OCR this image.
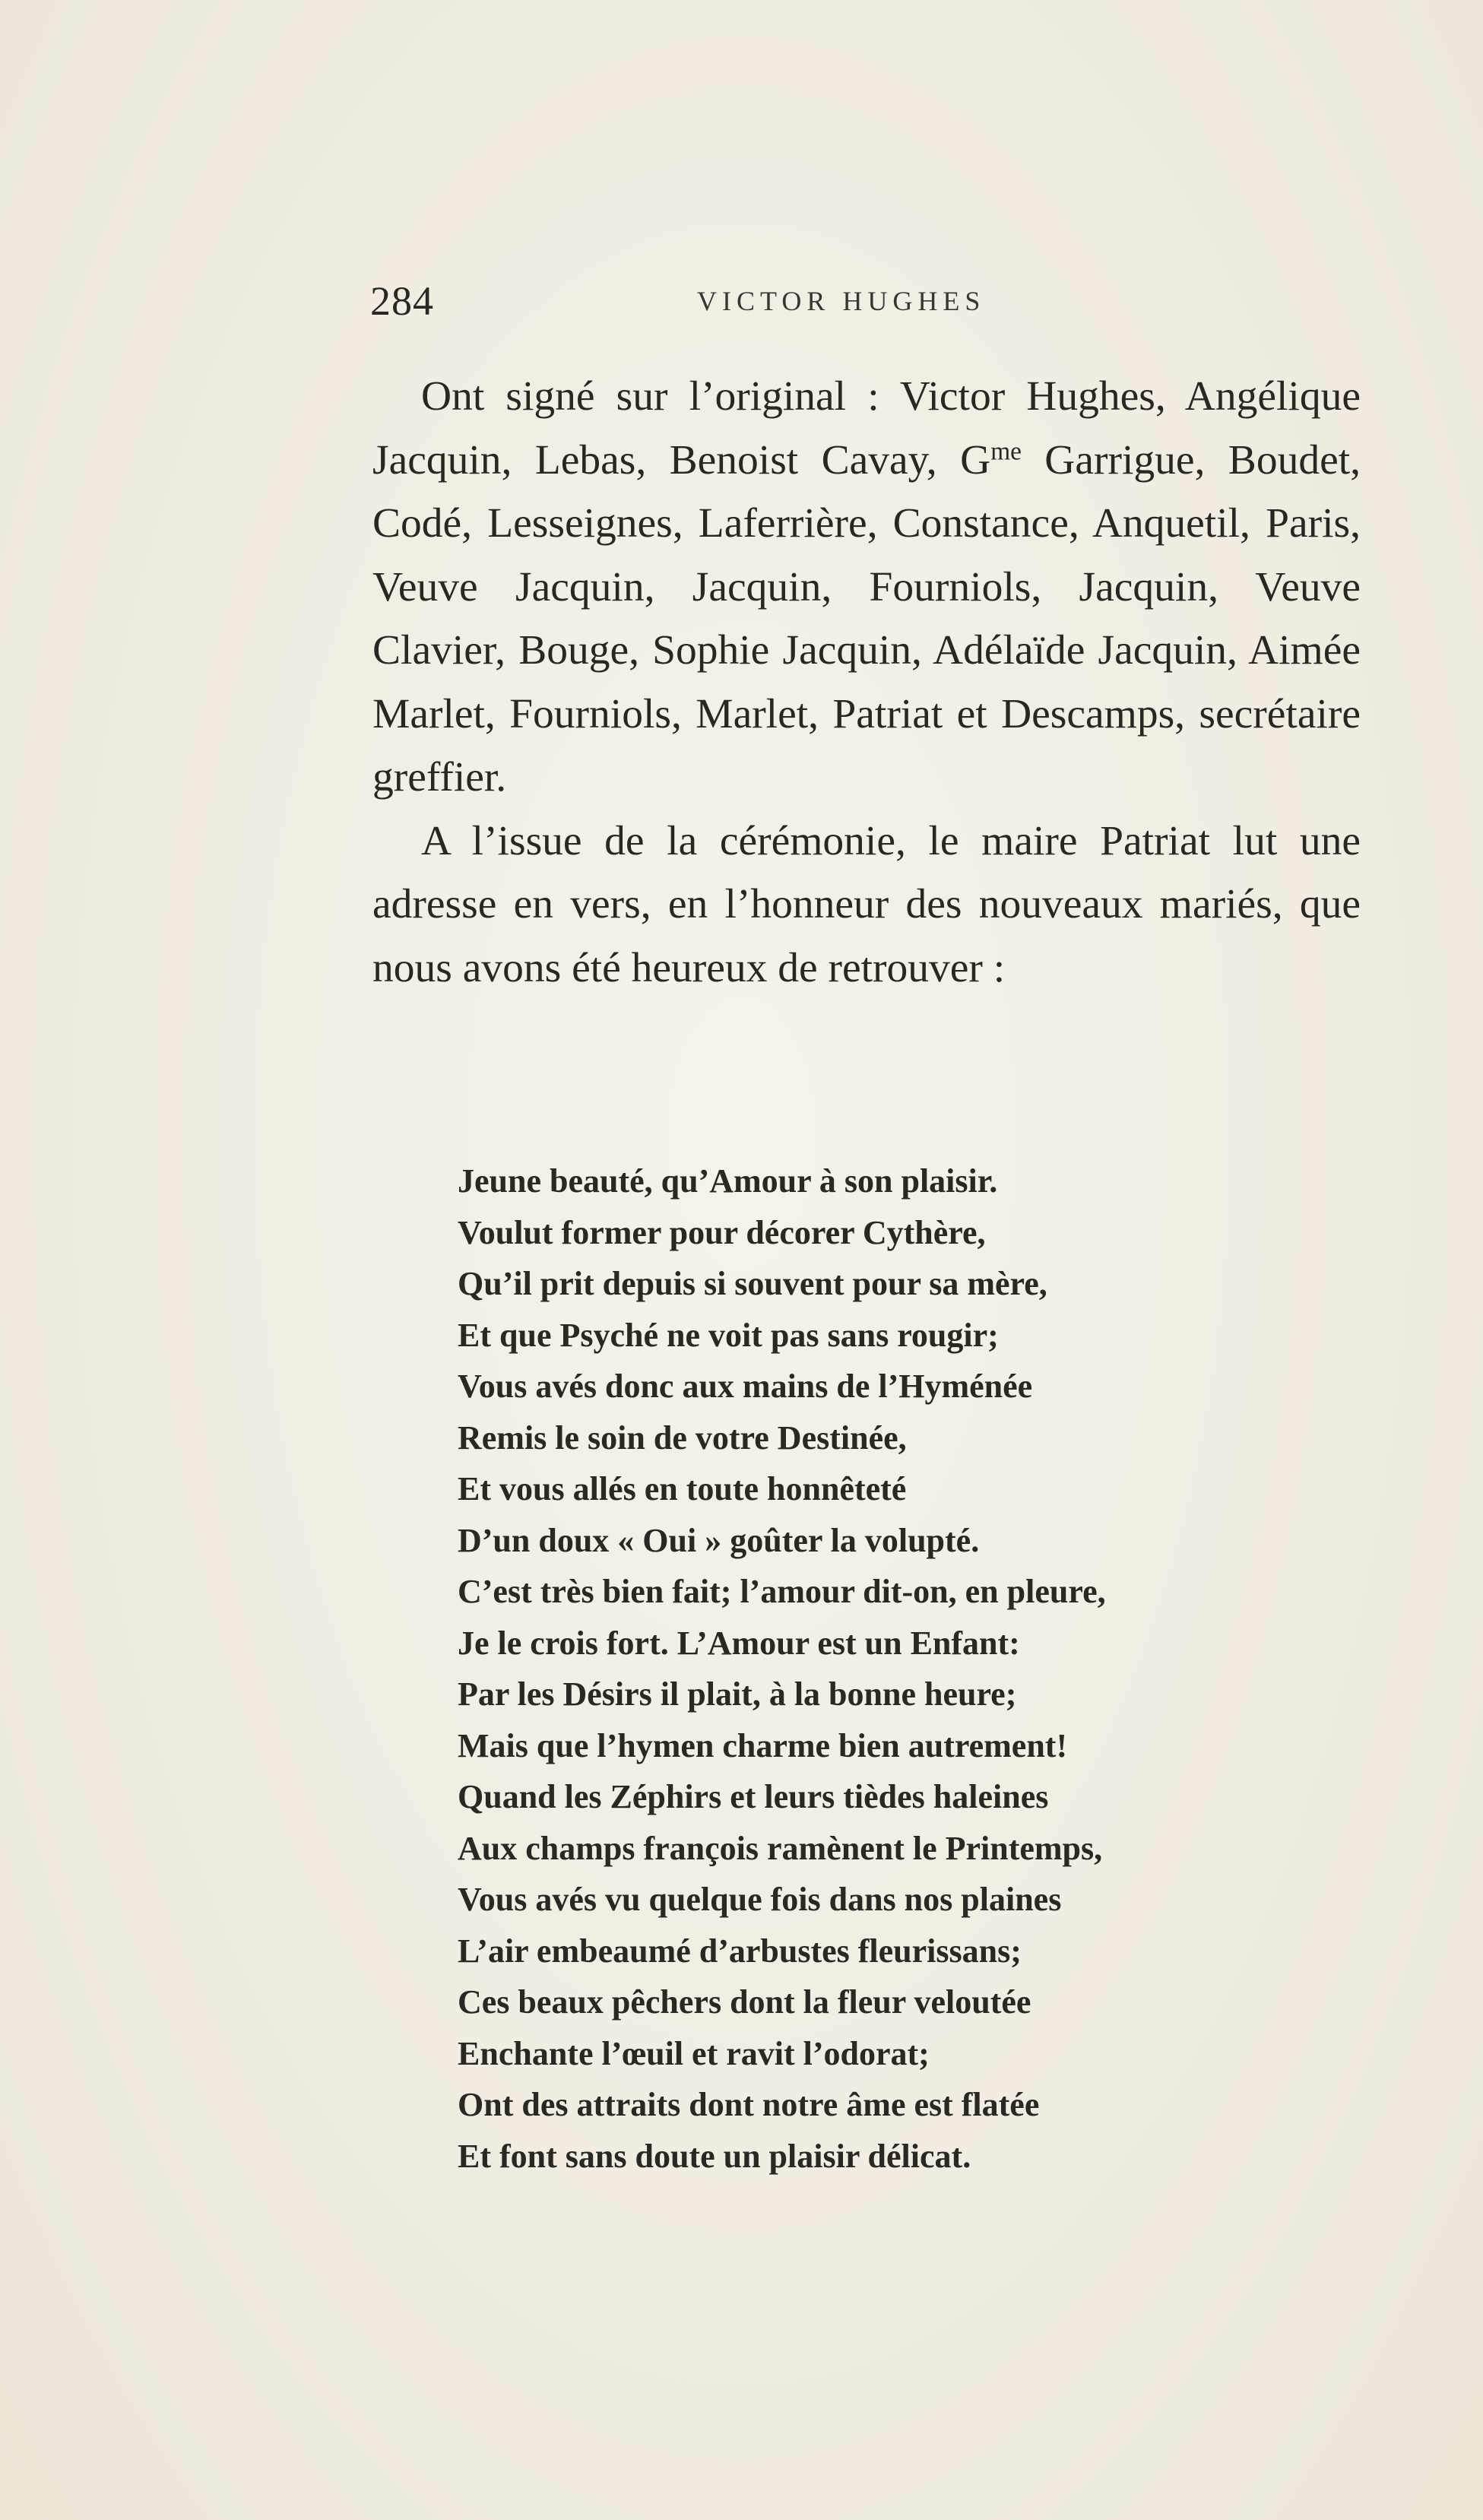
284	VICTOR HUGHES

Ont signé sur l’original : Victor Hughes, Angélique Jacquin, Lebas, Benoist Cavay, $G^{me}$ Garrigue, Boudet, Codé, Lesseignes, Laferrière, Constance, Anquetil, Paris, Veuve Jacquin, Jacquin, Fourniols, Jacquin, Veuve Clavier, Bouge, Sophie Jacquin, Adélaïde Jacquin, Aimée Marlet, Fourniols, Marlet, Patriat et Descamps, secrétaire greffier.

A l’issue de la cérémonie, le maire Patriat lut une adresse en vers, en l’honneur des nouveaux mariés, que nous avons été heureux de retrouver :

Jeune beauté, qu’Amour à son plaisir.
Voulut former pour décorer Cythère,
Qu’il prit depuis si souvent pour sa mère,
Et que Psyché ne voit pas sans rougir;
Vous avés donc aux mains de l’Hyménée
Remis le soin de votre Destinée,
Et vous allés en toute honnêteté
D’un doux « Oui » goûter la volupté.
C’est très bien fait; l’amour dit-on, en pleure,
Je le crois fort. L’Amour est un Enfant:
Par les Désirs il plait, à la bonne heure;
Mais que l’hymen charme bien autrement!
Quand les Zéphirs et leurs tièdes haleines
Aux champs françois ramènent le Printemps,
Vous avés vu quelque fois dans nos plaines
L’air embeaumé d’arbustes fleurissans;
Ces beaux pêchers dont la fleur veloutée
Enchante l’œuil et ravit l’odorat;
Ont des attraits dont notre âme est flatée
Et font sans doute un plaisir délicat.
